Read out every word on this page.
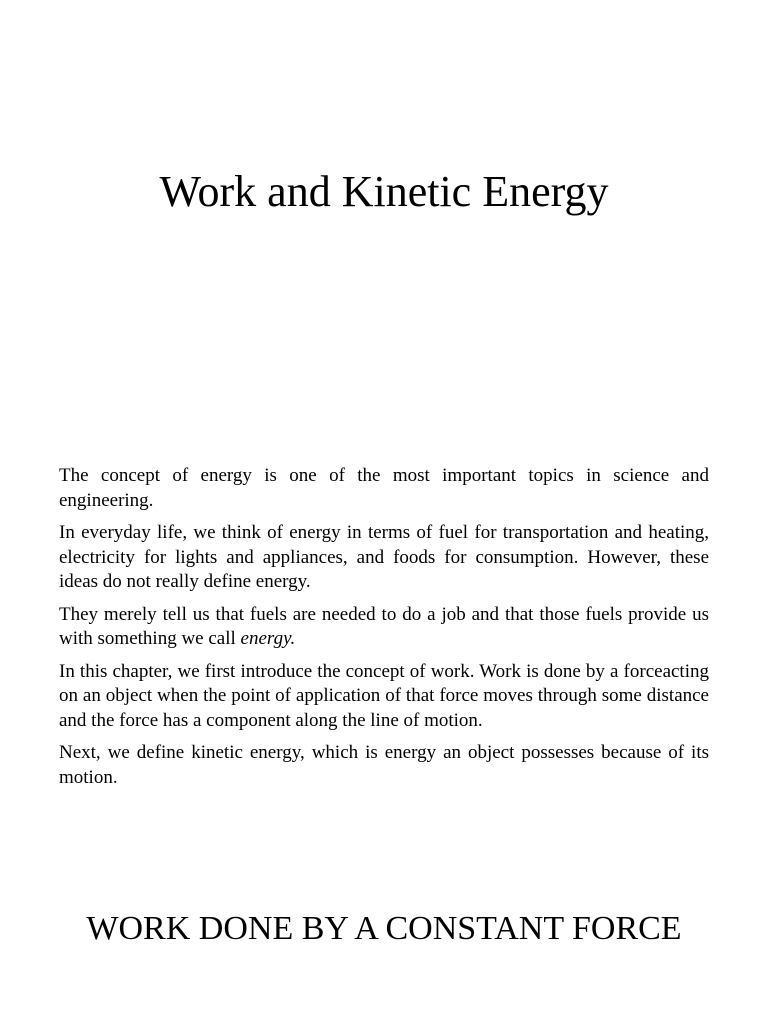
Work and Kinetic Energy

The concept of energy is one of the most important topics in science and engineering.

In everyday life, we think of energy in terms of fuel for transportation and heating, electricity for lights and appliances, and foods for consumption. However, these ideas do not really define energy.

They merely tell us that fuels are needed to do a job and that those fuels provide us with something we call energy.

In this chapter, we first introduce the concept of work. Work is done by a forceacting on an object when the point of application of that force moves through some distance and the force has a component along the line of motion.

Next, we define kinetic energy, which is energy an object possesses because of its motion.

WORK DONE BY A CONSTANT FORCE
